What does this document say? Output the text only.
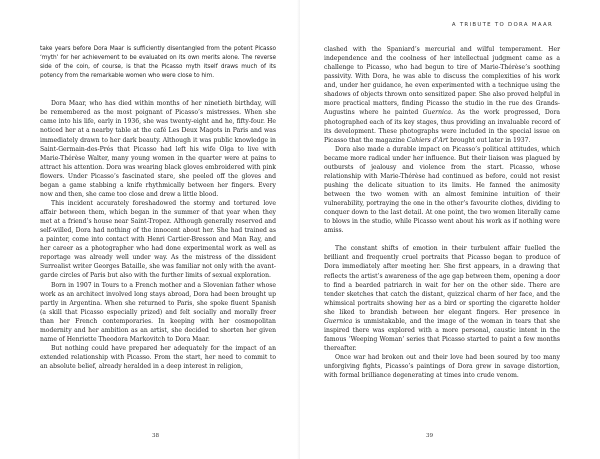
take years before Dora Maar is sufficiently disentangled from the potent Picasso ‘myth’ for her achievement to be evaluated on its own merits alone. The reverse side of the coin, of course, is that the Picasso myth itself draws much of its potency from the remarkable women who were close to him.

Dora Maar, who has died within months of her ninetieth birthday, will be remembered as the most poignant of Picasso’s mistresses. When she came into his life, early in 1936, she was twenty-eight and he, fifty-four. He noticed her at a nearby table at the café Les Deux Magots in Paris and was immediately drawn to her dark beauty. Although it was public knowledge in Saint-Germain-des-Prés that Picasso had left his wife Olga to live with Marie-Thérèse Walter, many young women in the quarter were at pains to attract his attention. Dora was wearing black gloves embroidered with pink flowers. Under Picasso’s fascinated stare, she peeled off the gloves and began a game stabbing a knife rhythmically between her fingers. Every now and then, she came too close and drew a little blood.

This incident accurately foreshadowed the stormy and tortured love affair between them, which began in the summer of that year when they met at a friend’s house near Saint-Tropez. Although generally reserved and self-willed, Dora had nothing of the innocent about her. She had trained as a painter, come into contact with Henri Cartier-Bresson and Man Ray, and her career as a photographer who had done experimental work as well as reportage was already well under way. As the mistress of the dissident Surrealist writer Georges Bataille, she was familiar not only with the avant-garde circles of Paris but also with the further limits of sexual exploration.

Born in 1907 in Tours to a French mother and a Slovenian father whose work as an architect involved long stays abroad, Dora had been brought up partly in Argentina. When she returned to Paris, she spoke fluent Spanish (a skill that Picasso especially prized) and felt socially and morally freer than her French contemporaries. In keeping with her cosmopolitan modernity and her ambition as an artist, she decided to shorten her given name of Henriette Theodora Markovitch to Dora Maar.

But nothing could have prepared her adequately for the impact of an extended relationship with Picasso. From the start, her need to commit to an absolute belief, already heralded in a deep interest in religion,

38
A TRIBUTE TO DORA MAAR

clashed with the Spaniard’s mercurial and wilful temperament. Her independence and the coolness of her intellectual judgment came as a challenge to Picasso, who had begun to tire of Marie-Thérèse’s soothing passivity. With Dora, he was able to discuss the complexities of his work and, under her guidance, he even experimented with a technique using the shadows of objects thrown onto sensitized paper. She also proved helpful in more practical matters, finding Picasso the studio in the rue des Grands-Augustins where he painted Guernica. As the work progressed, Dora photographed each of its key stages, thus providing an invaluable record of its development. These photographs were included in the special issue on Picasso that the magazine Cahiers d’Art brought out later in 1937.

Dora also made a durable impact on Picasso’s political attitudes, which became more radical under her influence. But their liaison was plagued by outbursts of jealousy and violence from the start. Picasso, whose relationship with Marie-Thérèse had continued as before, could not resist pushing the delicate situation to its limits. He fanned the animosity between the two women with an almost feminine intuition of their vulnerability, portraying the one in the other’s favourite clothes, dividing to conquer down to the last detail. At one point, the two women literally came to blows in the studio, while Picasso went about his work as if nothing were amiss.

The constant shifts of emotion in their turbulent affair fuelled the brilliant and frequently cruel portraits that Picasso began to produce of Dora immediately after meeting her. She first appears, in a drawing that reflects the artist’s awareness of the age gap between them, opening a door to find a bearded patriarch in wait for her on the other side. There are tender sketches that catch the distant, quizzical charm of her face, and the whimsical portraits showing her as a bird or sporting the cigarette holder she liked to brandish between her elegant fingers. Her presence in Guernica is unmistakable, and the image of the woman in tears that she inspired there was explored with a more personal, caustic intent in the famous ‘Weeping Woman’ series that Picasso started to paint a few months thereafter.

Once war had broken out and their love had been soured by too many unforgiving fights, Picasso’s paintings of Dora grew in savage distortion, with formal brilliance degenerating at times into crude venom.

39
